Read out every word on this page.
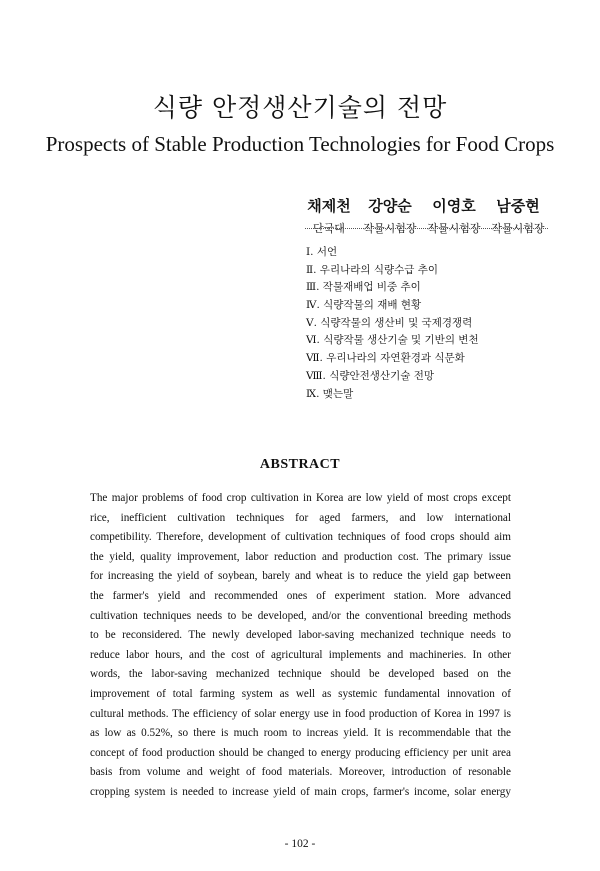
식량 안정생산기술의 전망
Prospects of Stable Production Technologies for Food Crops
채제천
단국대
강양순
작물시험장
이영호
작물시험장
남중현
작물시험장
Ⅰ. 서언
Ⅱ. 우리나라의 식량수급 추이
Ⅲ. 작물재배업 비중 추이
Ⅳ. 식량작물의 재배 현황
Ⅴ. 식량작물의 생산비 및 국제경쟁력
Ⅵ. 식량작물 생산기술 및 기반의 변천
Ⅶ. 우리나라의 자연환경과 식문화
Ⅷ. 식량안전생산기술 전망
Ⅸ. 맺는말
ABSTRACT
The major problems of food crop cultivation in Korea are low yield of most crops except
rice, inefficient cultivation techniques for aged farmers, and low international
competibility. Therefore, development of cultivation techniques of food crops should aim
the yield, quality improvement, labor reduction and production cost. The primary issue
for increasing the yield of soybean, barely and wheat is to reduce the yield gap between
the farmer's yield and recommended ones of experiment station. More advanced
cultivation techniques needs to be developed, and/or the conventional breeding methods
to be reconsidered. The newly developed labor-saving mechanized technique needs to
reduce labor hours, and the cost of agricultural implements and machineries. In other
words, the labor-saving mechanized technique should be developed based on the
improvement of total farming system as well as systemic fundamental innovation of
cultural methods. The efficiency of solar energy use in food production of Korea in 1997 is
as low as 0.52%, so there is much room to increas yield. It is recommendable that the
concept of food production should be changed to energy producing efficiency per unit area
basis from volume and weight of food materials. Moreover, introduction of resonable
cropping system is needed to increase yield of main crops, farmer's income, solar energy
- 102 -
